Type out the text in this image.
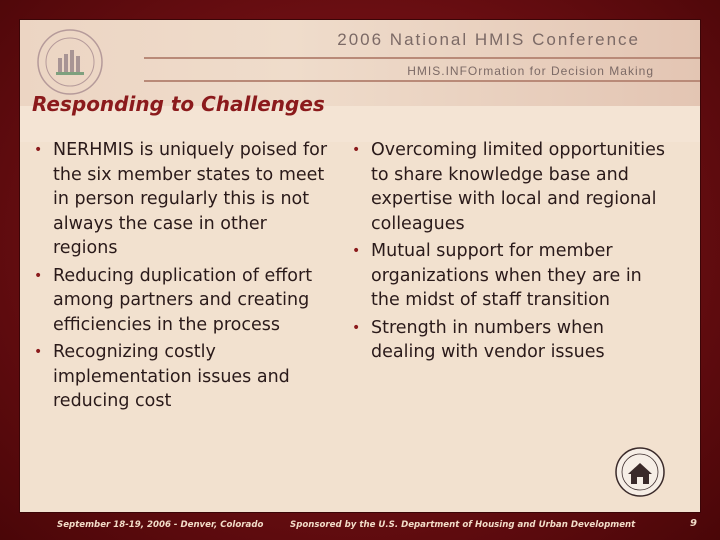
2006 National HMIS Conference
HMIS.INFOrmation for Decision Making
Responding to Challenges
• NERHMIS is uniquely poised for the six member states to meet in person regularly this is not always the case in other regions
• Reducing duplication of effort among partners and creating efficiencies in the process
• Recognizing costly implementation issues and reducing cost
• Overcoming limited opportunities to share knowledge base and expertise with local and regional colleagues
• Mutual support for member organizations when they are in the midst of staff transition
• Strength in numbers when dealing with vendor issues
September 18-19, 2006 - Denver, Colorado	Sponsored by the U.S. Department of Housing and Urban Development	9
